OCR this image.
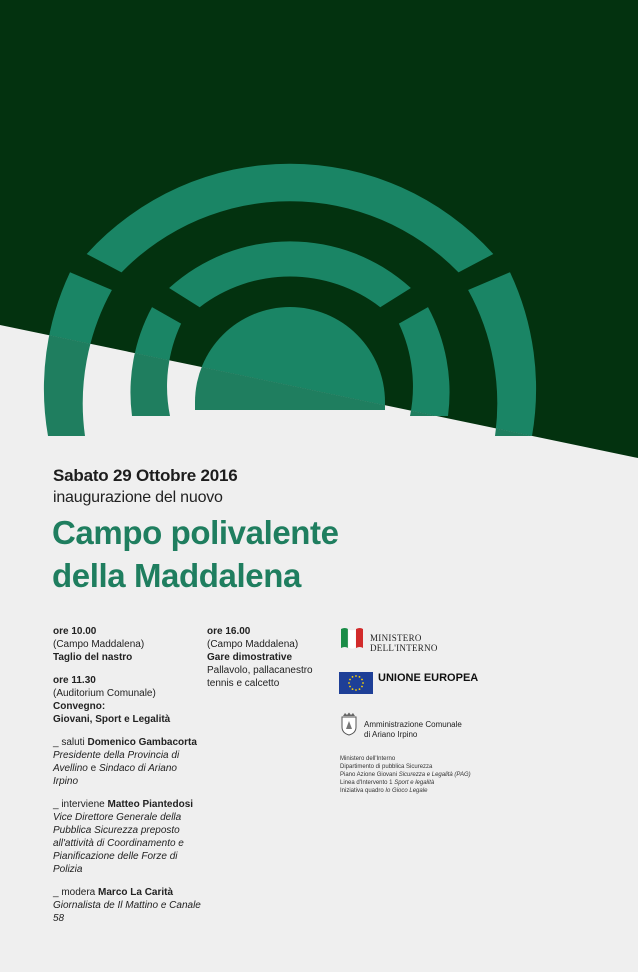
Sabato 29 Ottobre 2016
inaugurazione del nuovo
Campo polivalente
della Maddalena
ore 10.00
(Campo Maddalena)
Taglio del nastro
ore 11.30
(Auditorium Comunale)
Convegno:
Giovani, Sport e Legalità
_ saluti Domenico Gambacorta
Presidente della Provincia di
Avellino e Sindaco di Ariano
Irpino
_ interviene Matteo Piantedosi
Vice Direttore Generale della
Pubblica Sicurezza preposto
all'attività di Coordinamento e
Pianificazione delle Forze di Polizia
_ modera Marco La Carità
Giornalista de Il Mattino e Canale 58
ore 16.00
(Campo Maddalena)
Gare dimostrative
Pallavolo, pallacanestro
tennis e calcetto
MINISTERO
DELL'INTERNO
UNIONE EUROPEA
Amministrazione Comunale
di Ariano Irpino
Ministero dell'Interno
Dipartimento di pubblica Sicurezza
Piano Azione Giovani Sicurezza e Legalità (PAG)
Linea d'Intervento 1 Sport e legalità
Iniziativa quadro Io Gioco Legale
